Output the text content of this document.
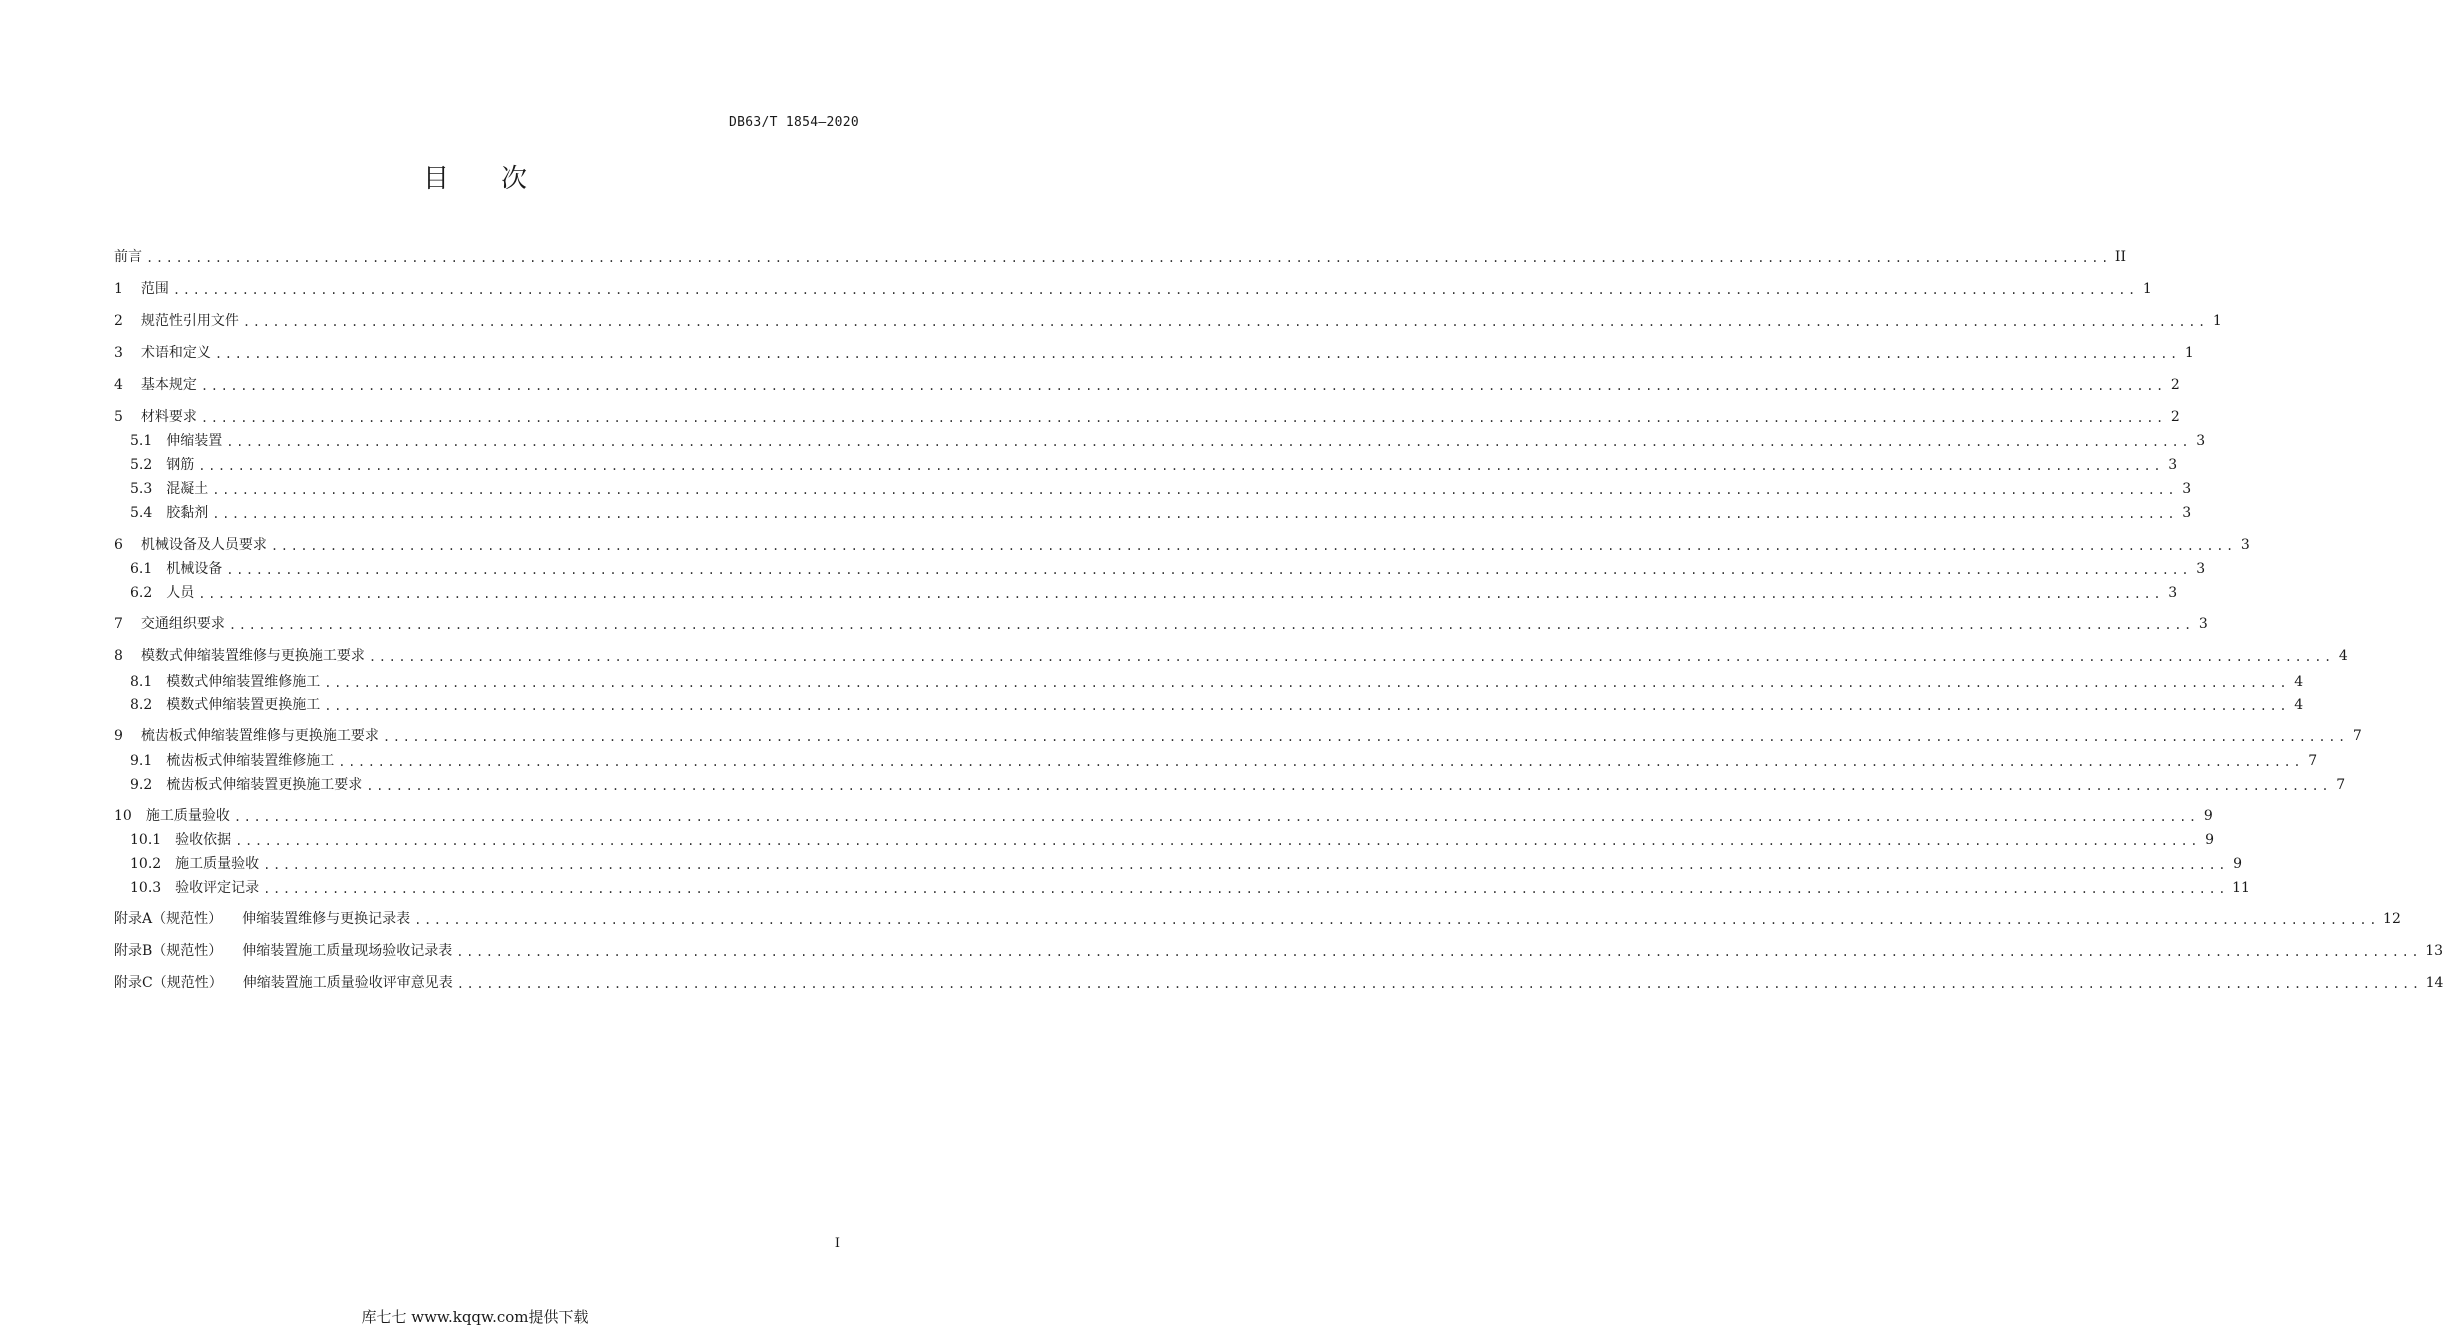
DB63/T 1854—2020
目次
前言 ........................................................................................................................................................................................................ II
1 范围 ........................................................................................................................................................................................................ 1
2 规范性引用文件 ........................................................................................................................................................................................................ 1
3 术语和定义 ........................................................................................................................................................................................................ 1
4 基本规定 ........................................................................................................................................................................................................ 2
5 材料要求 ........................................................................................................................................................................................................ 2
5.1 伸缩装置 ........................................................................................................................................................................................................ 3
5.2 钢筋 ........................................................................................................................................................................................................ 3
5.3 混凝土 ........................................................................................................................................................................................................ 3
5.4 胶黏剂 ........................................................................................................................................................................................................ 3
6 机械设备及人员要求 ........................................................................................................................................................................................................ 3
6.1 机械设备 ........................................................................................................................................................................................................ 3
6.2 人员 ........................................................................................................................................................................................................ 3
7 交通组织要求 ........................................................................................................................................................................................................ 3
8 模数式伸缩装置维修与更换施工要求 ........................................................................................................................................................................................................ 4
8.1 模数式伸缩装置维修施工 ........................................................................................................................................................................................................ 4
8.2 模数式伸缩装置更换施工 ........................................................................................................................................................................................................ 4
9 梳齿板式伸缩装置维修与更换施工要求 ........................................................................................................................................................................................................ 7
9.1 梳齿板式伸缩装置维修施工 ........................................................................................................................................................................................................ 7
9.2 梳齿板式伸缩装置更换施工要求 ........................................................................................................................................................................................................ 7
10 施工质量验收 ........................................................................................................................................................................................................ 9
10.1 验收依据 ........................................................................................................................................................................................................ 9
10.2 施工质量验收 ........................................................................................................................................................................................................ 9
10.3 验收评定记录 ........................................................................................................................................................................................................ 11
附录A（规范性） 伸缩装置维修与更换记录表 ........................................................................................................................................................................................................ 12
附录B（规范性） 伸缩装置施工质量现场验收记录表 ........................................................................................................................................................................................................ 13
附录C（规范性） 伸缩装置施工质量验收评审意见表 ........................................................................................................................................................................................................ 14
I
库七七 www.kqqw.com提供下载
